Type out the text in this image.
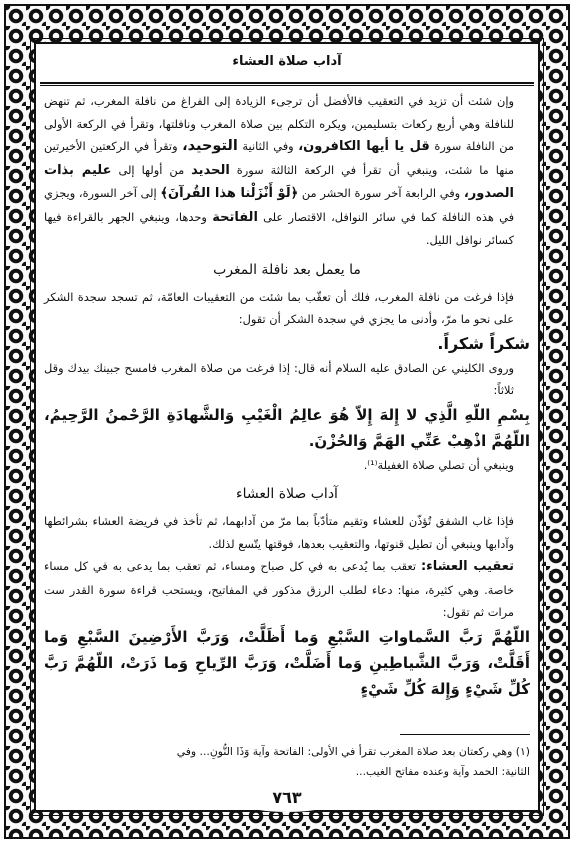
آداب صلاة العشاء

وإن شئت أن تزيد في التعقيب فالأفضل أن ترجىء الزيادة إلى الفراغ من نافلة المغرب، ثم تنهض للنافلة وهي أربع ركعات بتسليمين، ويكره التكلم بين صلاة المغرب ونافلتها، وتقرأ في الركعة الأولى من النافلة سورة قل يا أيها الكافرون، وفي الثانية التوحيد، وتقرأ في الركعتين الأخيرتين منها ما شئت، وينبغي أن تقرأ في الركعة الثالثة سورة الحديد من أولها إلى عليم بذات الصدور، وفي الرابعة آخر سورة الحشر من ﴿لَوْ أَنْزَلْنا هذا القُرآنَ﴾ إلى آخر السورة، ويجزي في هذه النافلة كما في سائر النوافل، الاقتصار على الفاتحة وحدها، وينبغي الجهر بالقراءة فيها كسائر نوافل الليل.

ما يعمل بعد نافلة المغرب

فإذا فرغت من نافلة المغرب، فلك أن تعقّب بما شئت من التعقيبات العامّة، ثم تسجد سجدة الشكر على نحو ما مرّ، وأدنى ما يجزي في سجدة الشكر أن تقول:

شكراً شكراً.

وروى الكليني عن الصادق عليه السلام أنه قال: إذا فرغت من صلاة المغرب فامسح جبينك بيدك وقل ثلاثاً:

بِسْمِ اللّهِ الَّذِي لا إِلهَ إِلاّ هُوَ عالِمُ الْغَيْبِ وَالشَّهادَةِ الرَّحْمنُ الرَّحِيمُ، اللّهُمَّ اذْهِبْ عَنِّي الهَمَّ وَالحُزْنَ.

وينبغي أن تصلي صلاة الغفيلة⁽¹⁾.

آداب صلاة العشاء

فإذا غاب الشفق تُؤذّن للعشاء وتقيم متأدّباً بما مرّ من آدابهما، ثم تأخذ في فريضة العشاء بشرائطها وآدابها وينبغي أن تطيل قنوتها، والتعقيب بعدها، فوقتها يتّسع لذلك.

تعقيب العشاء: تعقب بما يُدعى به في كل صباح ومساء، ثم تعقب بما يدعى به في كل مساء خاصة. وهي كثيرة، منها: دعاء لطلب الرزق مذكور في المفاتيح، ويستحب قراءة سورة القدر ست مرات ثم تقول:

اللّهُمَّ رَبَّ السَّماواتِ السَّبْعِ وَما أَظَلَّتْ، وَرَبَّ الأَرْضِينَ السَّبْعِ وَما أَقَلَّتْ، وَرَبَّ الشَّياطِينِ وَما أَضَلَّتْ، وَرَبَّ الرِّياحِ وَما ذَرَتْ، اللّهُمَّ رَبَّ كُلِّ شَيْءٍ وَإِلهَ كُلِّ شَيْءٍ

(١) وهي ركعتان بعد صلاة المغرب تقرأ في الأولى: الفاتحة وآية وَذَا النُّونِ... وفي
الثانية: الحمد وآية وعنده مفاتح الغيب...
٧٦٣
